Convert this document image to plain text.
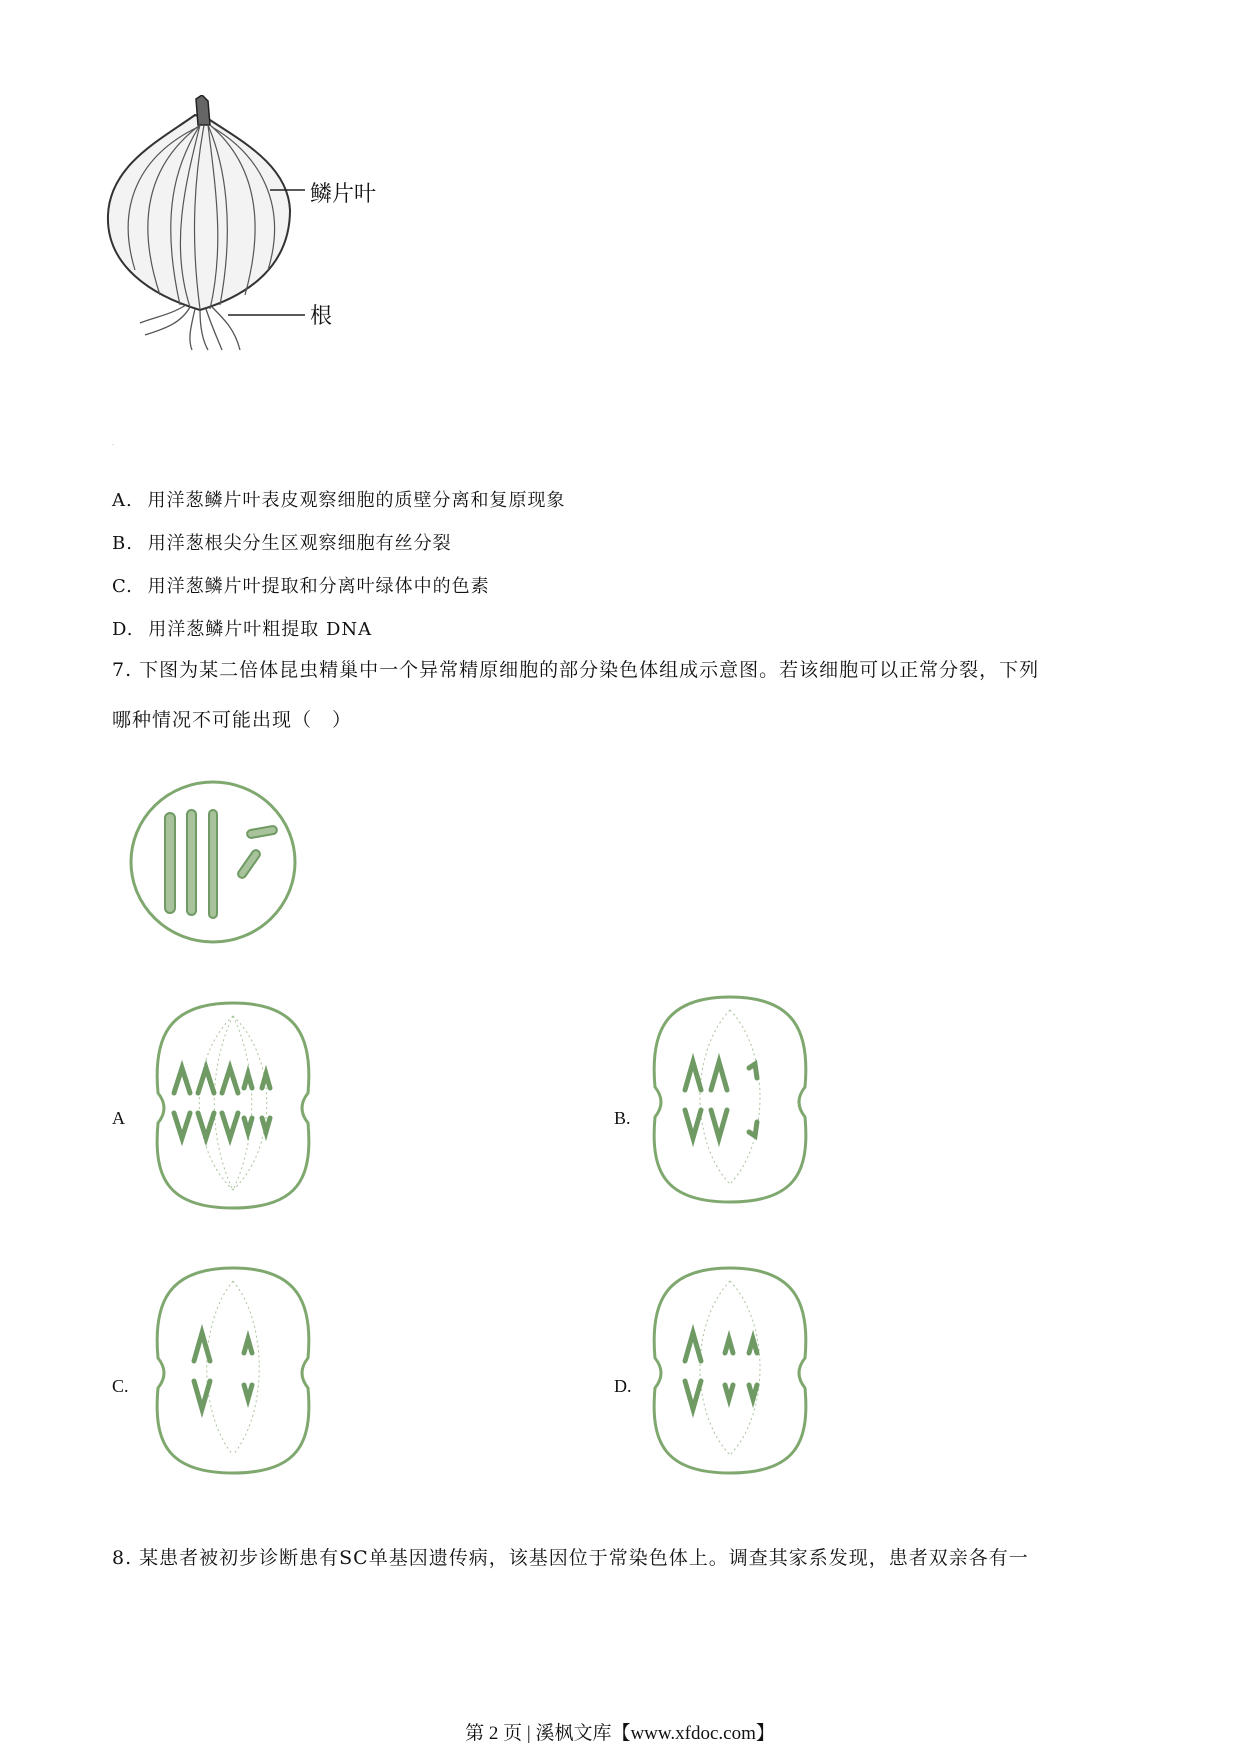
鳞片叶
根
.
A. 用洋葱鳞片叶表皮观察细胞的质壁分离和复原现象
B. 用洋葱根尖分生区观察细胞有丝分裂
C. 用洋葱鳞片叶提取和分离叶绿体中的色素
D. 用洋葱鳞片叶粗提取 DNA
7. 下图为某二倍体昆虫精巢中一个异常精原细胞的部分染色体组成示意图。若该细胞可以正常分裂，下列
哪种情况不可能出现（　）
A	B.
C.	D.
8. 某患者被初步诊断患有SC单基因遗传病，该基因位于常染色体上。调查其家系发现，患者双亲各有一
第 2 页 | 溪枫文库【www.xfdoc.com】
